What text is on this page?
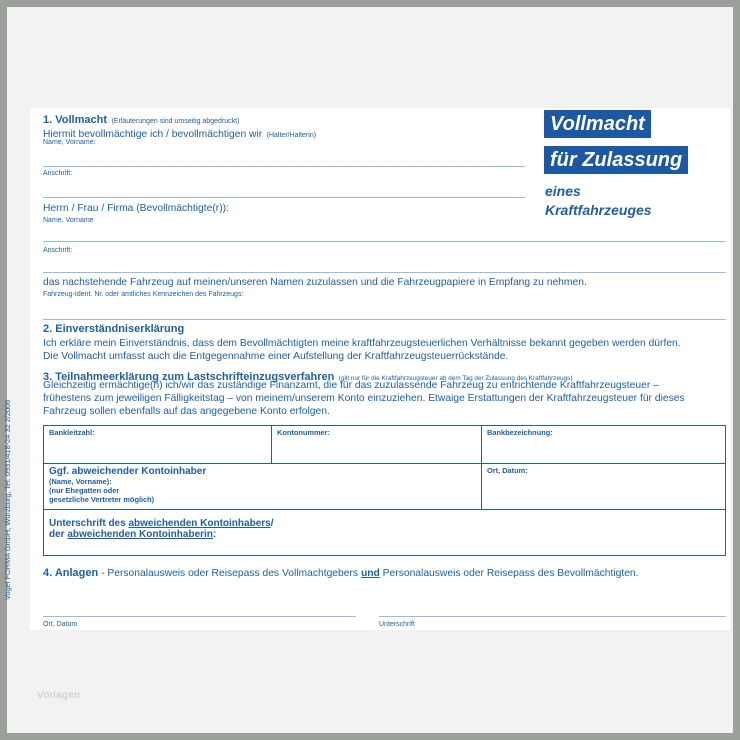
Vogel FORMA GmbH, Würzburg, Tel. 0931/418-24 32 2/2006
Vollmacht
für Zulassung
eines
Kraftfahrzeuges
1. Vollmacht (Erläuterungen sind umseitig abgedruckt)
Hiermit bevollmächtige ich / bevollmächtigen wir (Halter/Halterin)
Name, Vorname:
Anschrift:
Herrn / Frau / Firma (Bevollmächtigte(r)):
Name, Vorname
Anschrift:
das nachstehende Fahrzeug auf meinen/unseren Namen zuzulassen und die Fahrzeugpapiere in Empfang zu nehmen.
Fahrzeug-Ident. Nr. oder amtliches Kennzeichen des Fahrzeugs:
2. Einverständniserklärung
Ich erkläre mein Einverständnis, dass dem Bevollmächtigten meine kraftfahrzeugsteuerlichen Verhältnisse bekannt gegeben werden dürfen.
Die Vollmacht umfasst auch die Entgegennahme einer Aufstellung der Kraftfahrzeugsteuerrückstände.
3. Teilnahmeerklärung zum Lastschrifteinzugsverfahren (gilt nur für die Kraftfahrzeugsteuer ab dem Tag der Zulassung des Kraftfahrzeugs)
Gleichzeitig ermächtige(n) ich/wir das zuständige Finanzamt, die für das zuzulassende Fahrzeug zu entrichtende Kraftfahrzeugsteuer –
frühestens zum jeweiligen Fälligkeitstag – von meinem/unserem Konto einzuziehen. Etwaige Erstattungen der Kraftfahrzeugsteuer für dieses
Fahrzeug sollen ebenfalls auf das angegebene Konto erfolgen.
Bankleitzahl:	Kontonummer:	Bankbezeichnung:

Ggf. abweichender Kontoinhaber
(Name, Vorname):
(nur Ehegatten oder
gesetzliche Vertreter möglich)		Ort, Datum:

Unterschrift des abweichenden Kontoinhabers/
der abweichenden Kontoinhaberin:		
4. Anlagen - Personalausweis oder Reisepass des Vollmachtgebers und Personalausweis oder Reisepass des Bevollmächtigten.
Ort, Datum	Unterschrift
Vorlagen
